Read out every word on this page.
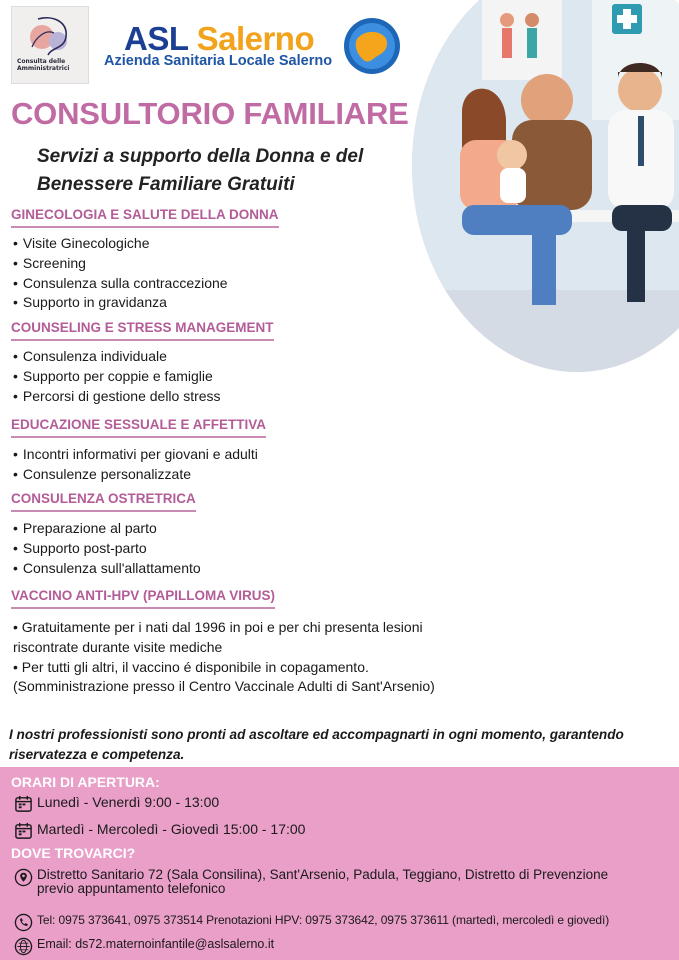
Consulta delle Amministratrici
ASL Salerno
Azienda Sanitaria Locale Salerno
CONSULTORIO FAMILIARE
Servizi a supporto della Donna e del
Benessere Familiare Gratuiti
GINECOLOGIA E SALUTE DELLA DONNA
• Visite Ginecologiche
• Screening
• Consulenza sulla contraccezione
• Supporto in gravidanza
COUNSELING E STRESS MANAGEMENT
• Consulenza individuale
• Supporto per coppie e famiglie
• Percorsi di gestione dello stress
EDUCAZIONE SESSUALE E AFFETTIVA
• Incontri informativi per giovani e adulti
• Consulenze personalizzate
CONSULENZA OSTRETRICA
• Preparazione al parto
• Supporto post-parto
• Consulenza sull'allattamento
VACCINO ANTI-HPV (PAPILLOMA VIRUS)
• Gratuitamente per i nati dal 1996 in poi e per chi presenta lesioni riscontrate durante visite mediche
• Per tutti gli altri, il vaccino é disponibile in copagamento.
(Somministrazione presso il Centro Vaccinale Adulti di Sant'Arsenio)
I nostri professionisti sono pronti ad ascoltare ed accompagnarti in ogni momento, garantendo riservatezza e competenza.
ORARI DI APERTURA:
Lunedì - Venerdì 9:00 - 13:00
Martedì - Mercoledì - Giovedì 15:00 - 17:00
DOVE TROVARCI?
Distretto Sanitario 72 (Sala Consilina), Sant'Arsenio, Padula, Teggiano, Distretto di Prevenzione
previo appuntamento telefonico
Tel: 0975 373641, 0975 373514 Prenotazioni HPV: 0975 373642, 0975 373611 (martedì, mercoledì e giovedì)
Email: ds72.maternoinfantile@aslsalerno.it
